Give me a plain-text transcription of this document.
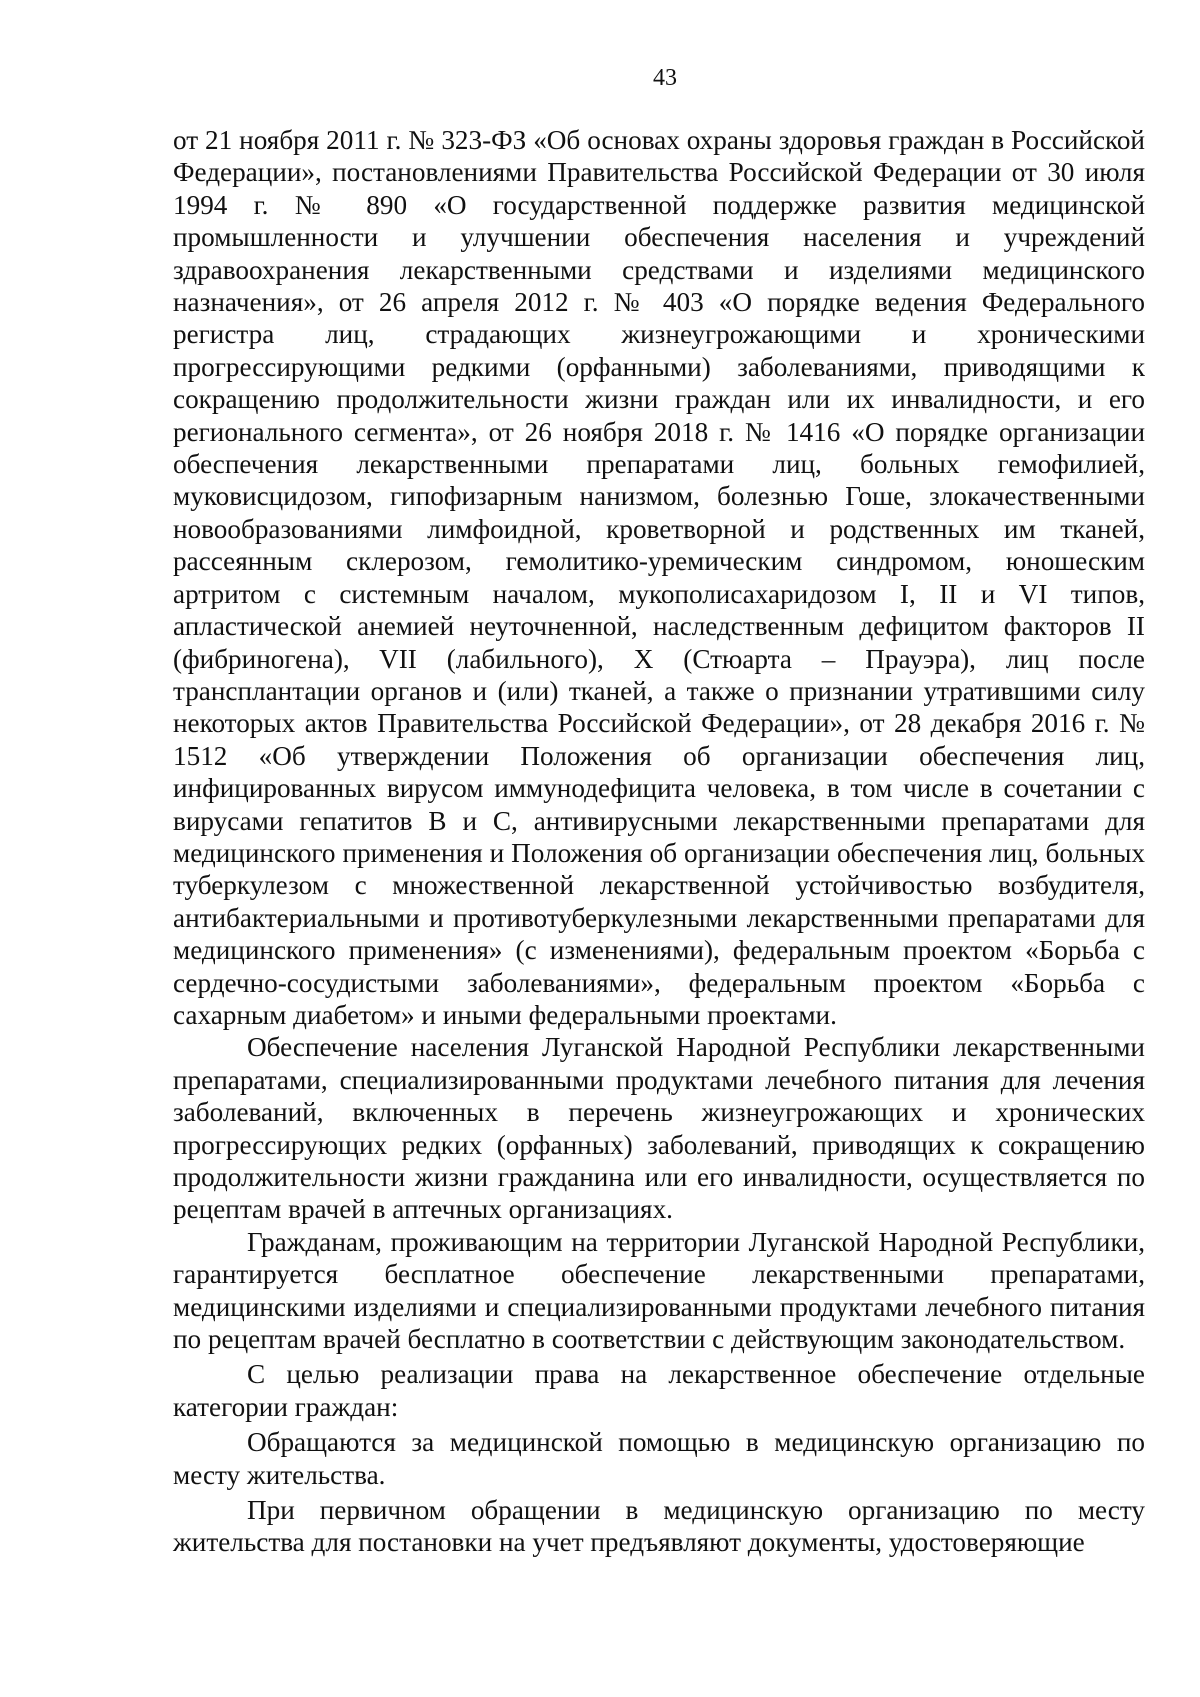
43

от 21 ноября 2011 г. № 323-ФЗ «Об основах охраны здоровья граждан в Российской Федерации», постановлениями Правительства Российской Федерации от 30 июля 1994 г. № 890 «О государственной поддержке развития медицинской промышленности и улучшении обеспечения населения и учреждений здравоохранения лекарственными средствами и изделиями медицинского назначения», от 26 апреля 2012 г. № 403 «О порядке ведения Федерального регистра лиц, страдающих жизнеугрожающими и хроническими прогрессирующими редкими (орфанными) заболеваниями, приводящими к сокращению продолжительности жизни граждан или их инвалидности, и его регионального сегмента», от 26 ноября 2018 г. № 1416 «О порядке организации обеспечения лекарственными препаратами лиц, больных гемофилией, муковисцидозом, гипофизарным нанизмом, болезнью Гоше, злокачественными новообразованиями лимфоидной, кроветворной и родственных им тканей, рассеянным склерозом, гемолитико-уремическим синдромом, юношеским артритом с системным началом, мукополисахаридозом I, II и VI типов, апластической анемией неуточненной, наследственным дефицитом факторов II (фибриногена), VII (лабильного), X (Стюарта – Прауэра), лиц после трансплантации органов и (или) тканей, а также о признании утратившими силу некоторых актов Правительства Российской Федерации», от 28 декабря 2016 г. № 1512 «Об утверждении Положения об организации обеспечения лиц, инфицированных вирусом иммунодефицита человека, в том числе в сочетании с вирусами гепатитов B и C, антивирусными лекарственными препаратами для медицинского применения и Положения об организации обеспечения лиц, больных туберкулезом с множественной лекарственной устойчивостью возбудителя, антибактериальными и противотуберкулезными лекарственными препаратами для медицинского применения» (с изменениями), федеральным проектом «Борьба с сердечно-сосудистыми заболеваниями», федеральным проектом «Борьба с сахарным диабетом» и иными федеральными проектами.

Обеспечение населения Луганской Народной Республики лекарственными препаратами, специализированными продуктами лечебного питания для лечения заболеваний, включенных в перечень жизнеугрожающих и хронических прогрессирующих редких (орфанных) заболеваний, приводящих к сокращению продолжительности жизни гражданина или его инвалидности, осуществляется по рецептам врачей в аптечных организациях.

Гражданам, проживающим на территории Луганской Народной Республики, гарантируется бесплатное обеспечение лекарственными препаратами, медицинскими изделиями и специализированными продуктами лечебного питания по рецептам врачей бесплатно в соответствии с действующим законодательством.

С целью реализации права на лекарственное обеспечение отдельные категории граждан:

Обращаются за медицинской помощью в медицинскую организацию по месту жительства.

При первичном обращении в медицинскую организацию по месту жительства для постановки на учет предъявляют документы, удостоверяющие
